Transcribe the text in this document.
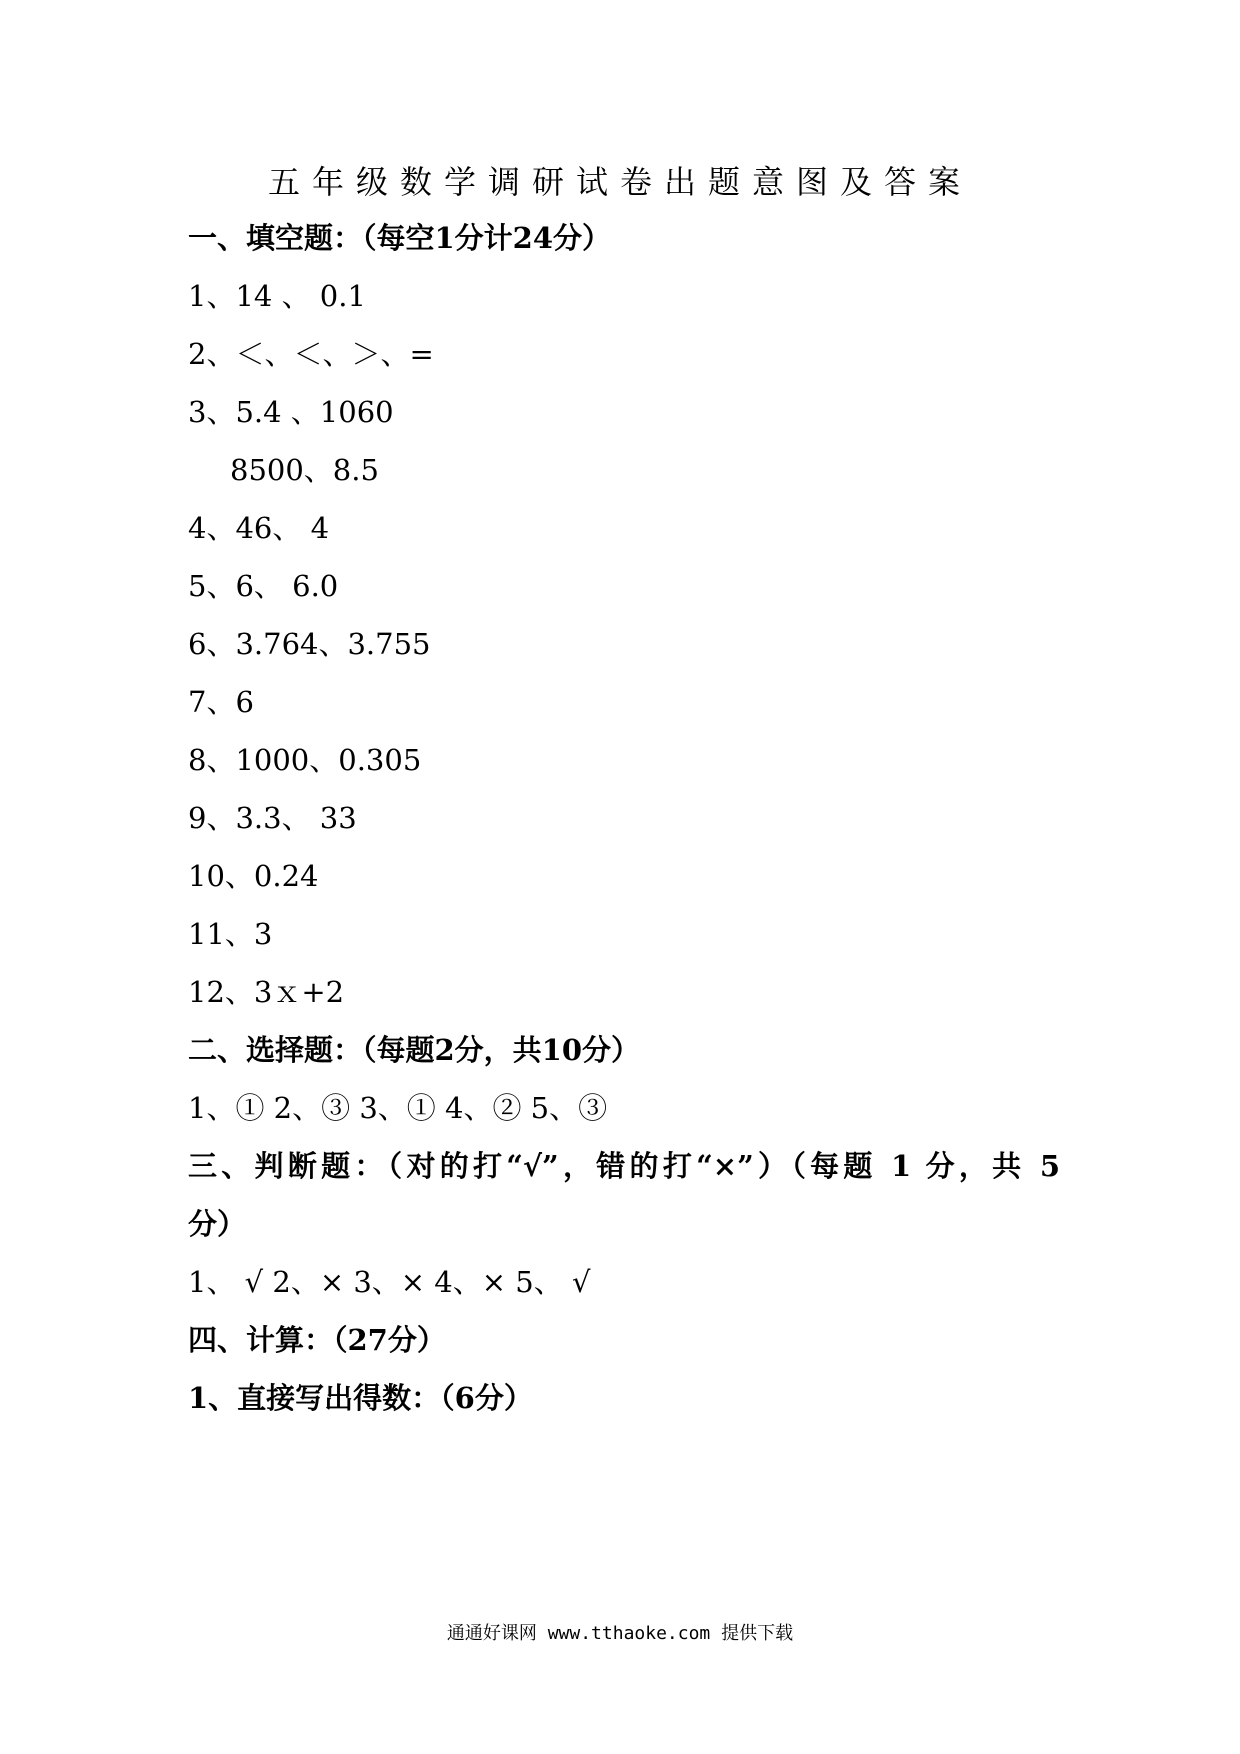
五年级数学调研试卷出题意图及答案
一、填空题：（每空1分计24分）
1、14 、 0.1
2、＜、＜、＞、=
3、5.4 、1060
8500、8.5
4、46、 4
5、6、 6.0
6、3.764、3.755
7、6
8、1000、0.305
9、3.3、 33
10、0.24
11、3
12、3ｘ+2
二、选择题：（每题2分，共10分）
1、① 2、③ 3、① 4、② 5、③
三、判断题：（对的打“√”，错的打“×”）（每题 1 分，共 5
分）
1、 √ 2、× 3、× 4、× 5、 √
四、计算：（27分）
1、直接写出得数：（6分）
通通好课网 www.tthaoke.com 提供下载
